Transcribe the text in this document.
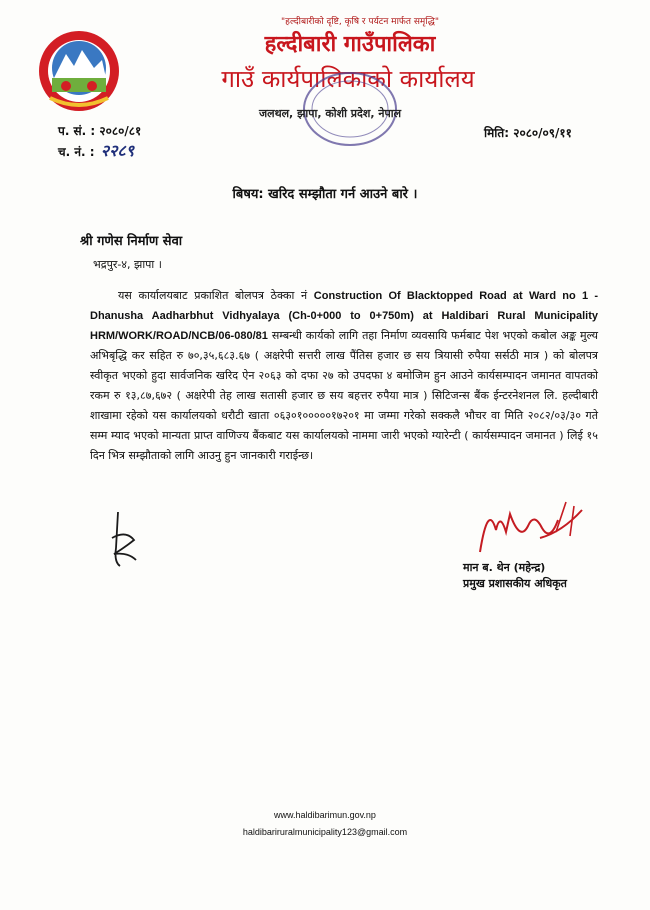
"हल्दीबारीको दृष्टि, कृषि र पर्यटन मार्फत समृद्धि"
हल्दीबारी गाउँपालिका
गाउँ कार्यपालिकाको कार्यालय
जलथल, झापा, कोशी प्रदेश, नेपाल
प. सं. : २०८०/८१
च. नं. : २२८९
मिति: २०८०/०९/११
बिषय: खरिद सम्झौता गर्न आउने बारे ।
श्री गणेस निर्माण सेवा
भद्रपुर-४, झापा ।
यस कार्यालयबाट प्रकाशित बोलपत्र ठेक्का नं Construction Of Blacktopped Road at Ward no 1 - Dhanusha Aadharbhut Vidhyalaya (Ch-0+000 to 0+750m) at Haldibari Rural Municipality HRM/WORK/ROAD/NCB/06-080/81 सम्बन्धी कार्यको लागि तहा निर्माण व्यवसायि फर्मबाट पेश भएको कबोल अङ्क मुल्य अभिबृद्धि कर सहित रु ७०,३५,६८३.६७ ( अक्षरेपी सत्तरी लाख पैंतिस हजार छ सय त्रियासी रुपैया सर्सठी मात्र ) को बोलपत्र स्वीकृत भएको हुदा सार्वजनिक खरिद ऐन २०६३ को दफा २७ को उपदफा ४ बमोजिम हुन आउने कार्यसम्पादन जमानत वापतको रकम रु १३,८७,६७२ ( अक्षरेपी तेह लाख सतासी हजार छ सय बहत्तर रुपैया मात्र ) सिटिजन्स बैंक ईन्टरनेशनल लि. हल्दीबारी शाखामा रहेको यस कार्यालयको धरौटी खाता ०६३०१०००००१७२०१ मा जम्मा गरेको सक्कलै भौचर वा मिति २०८२/०३/३० गते सम्म म्याद भएको मान्यता प्राप्त वाणिज्य बैंकबाट यस कार्यालयको नाममा जारी भएको ग्यारेन्टी ( कार्यसम्पादन जमानत ) लिई १५ दिन भित्र सम्झौताको लागि आउनु हुन जानकारी गराईन्छ।
मान ब. थेन (महेन्द्र)
प्रमुख प्रशासकीय अधिकृत
www.haldibarimun.gov.np
haldibariruralmunicipality123@gmail.com
